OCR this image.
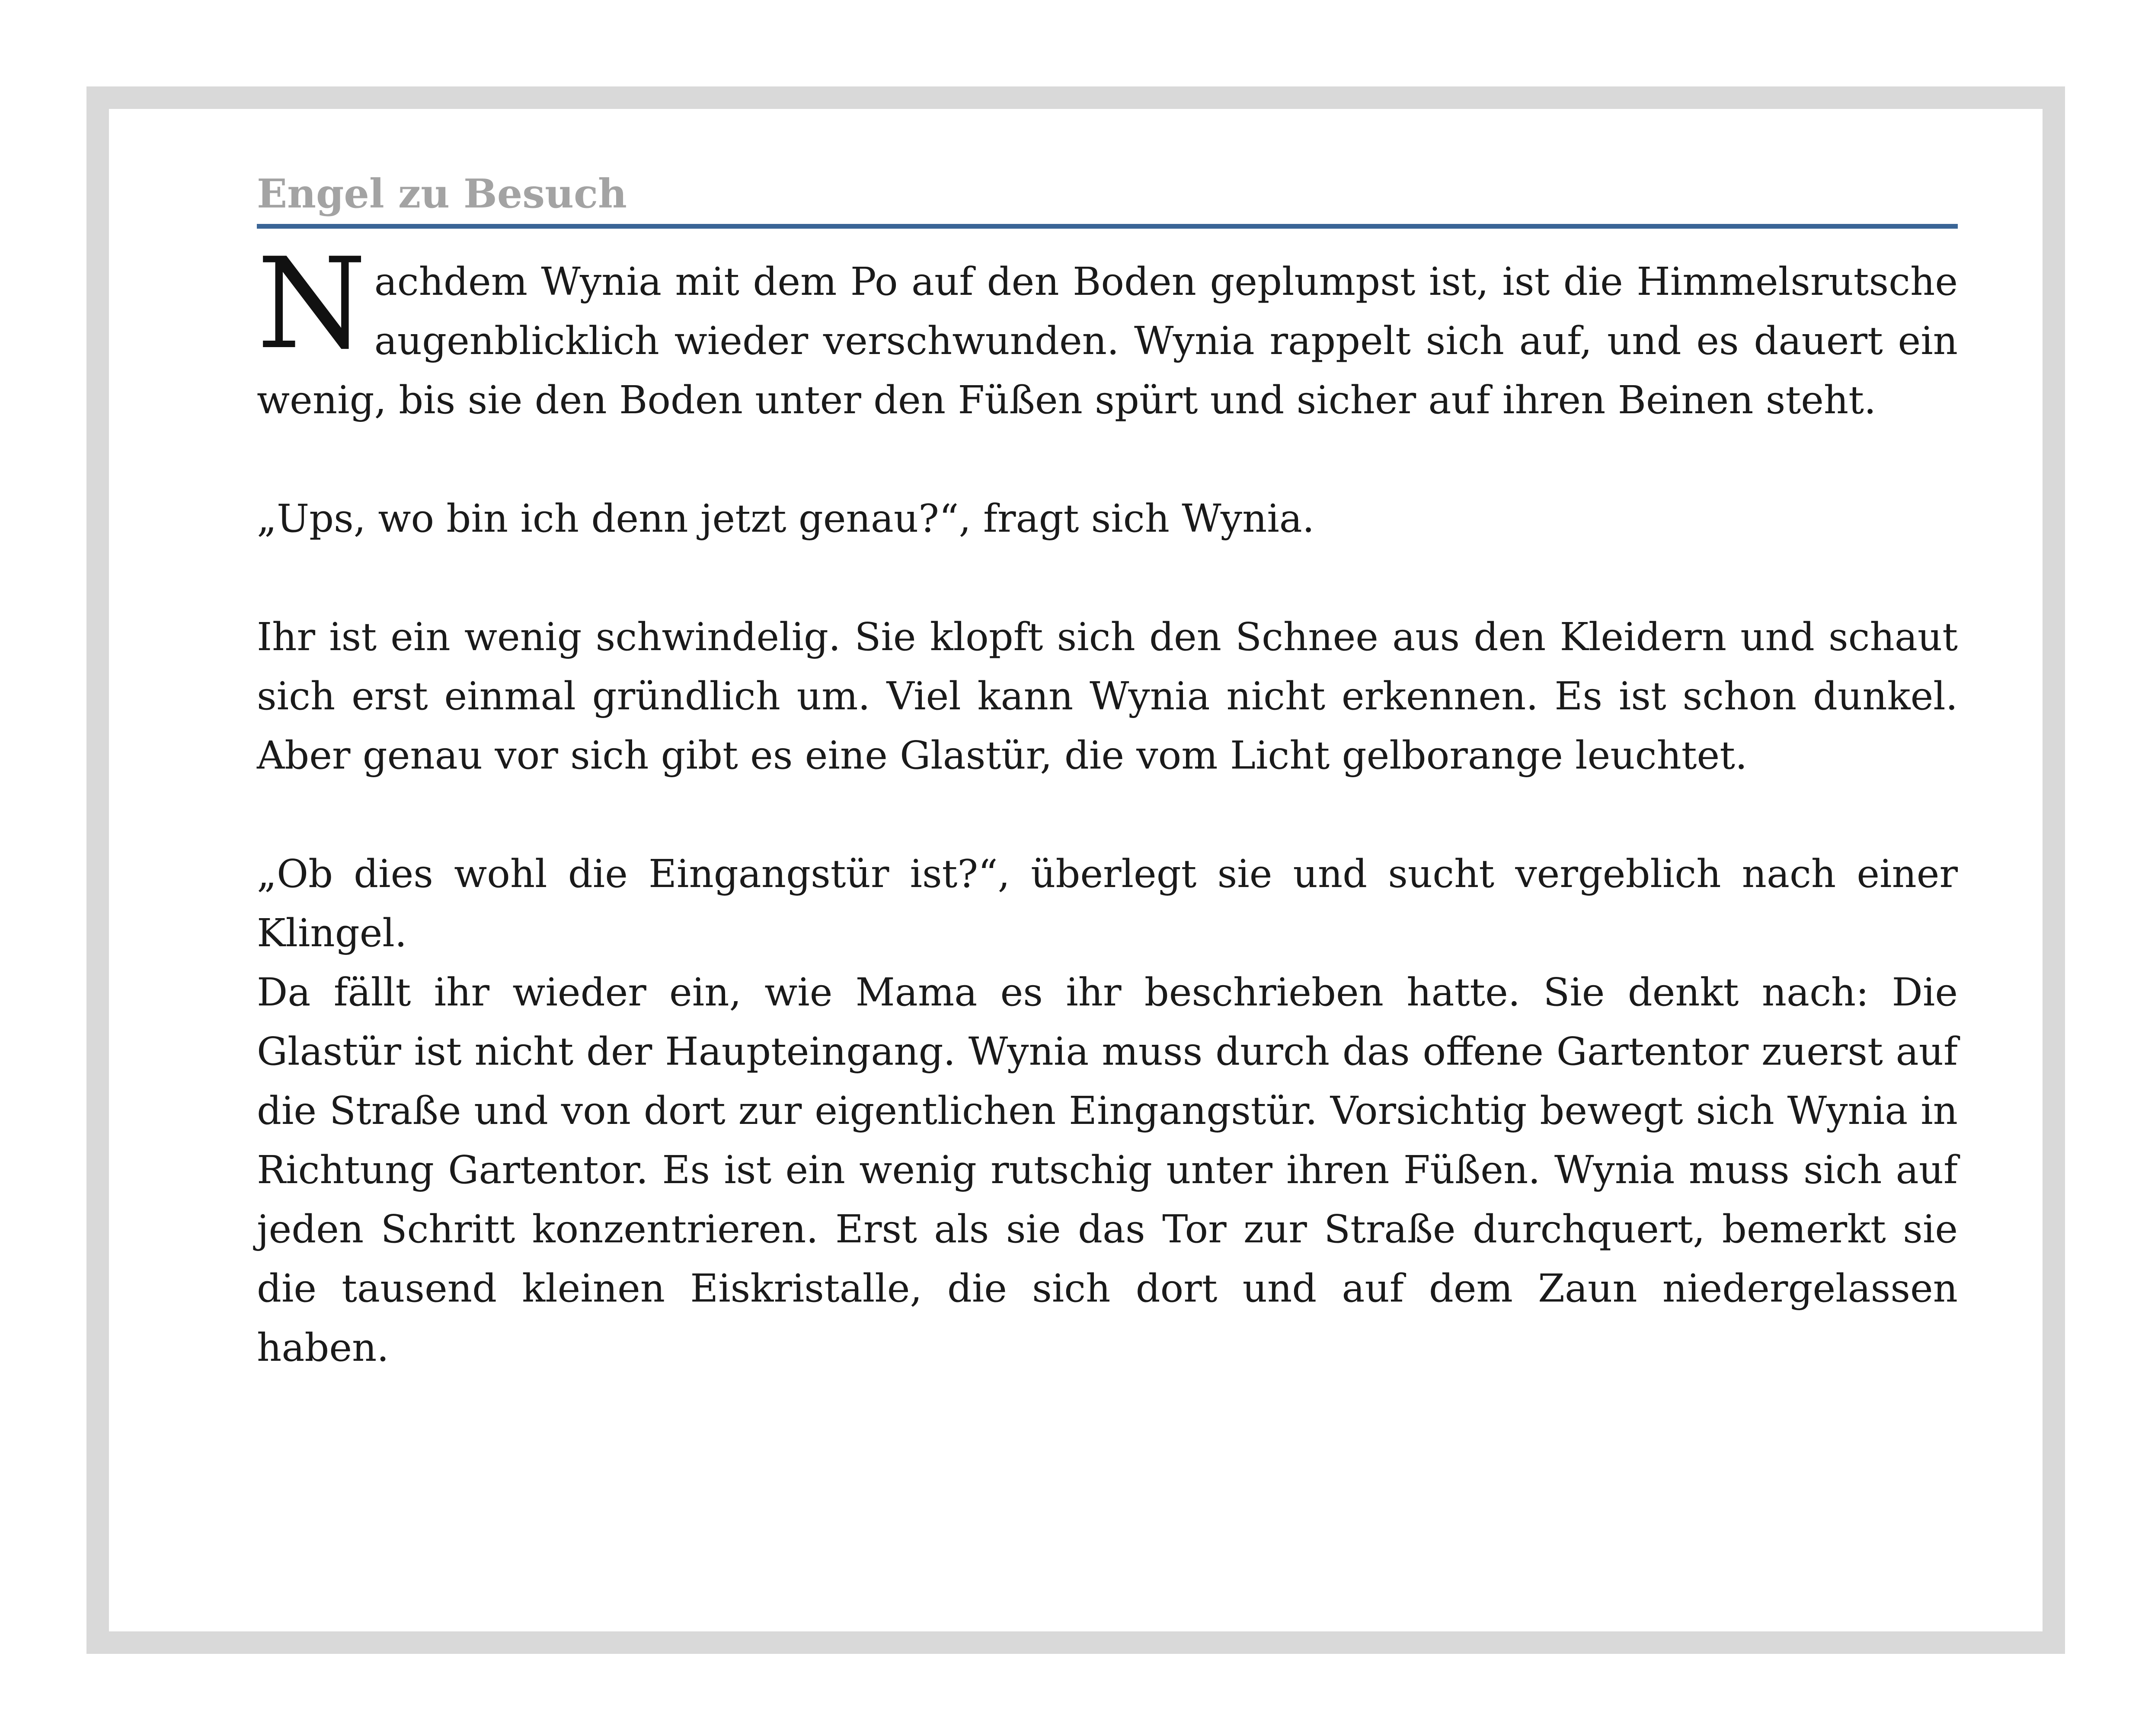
Engel zu Besuch

Nachdem Wynia mit dem Po auf den Boden geplumpst ist, ist die Himmelsrutsche augenblicklich wieder verschwunden. Wynia rappelt sich auf, und es dauert ein wenig, bis sie den Boden unter den Füßen spürt und sicher auf ihren Beinen steht.

„Ups, wo bin ich denn jetzt genau?“, fragt sich Wynia.

Ihr ist ein wenig schwindelig. Sie klopft sich den Schnee aus den Kleidern und schaut sich erst einmal gründlich um. Viel kann Wynia nicht erkennen. Es ist schon dunkel. Aber genau vor sich gibt es eine Glastür, die vom Licht gelborange leuchtet.

„Ob dies wohl die Eingangstür ist?“, überlegt sie und sucht vergeblich nach einer Klingel.

Da fällt ihr wieder ein, wie Mama es ihr beschrieben hatte. Sie denkt nach: Die Glastür ist nicht der Haupteingang. Wynia muss durch das offene Gartentor zuerst auf die Straße und von dort zur eigentlichen Eingangstür. Vorsichtig bewegt sich Wynia in Richtung Gartentor. Es ist ein wenig rutschig unter ihren Füßen. Wynia muss sich auf jeden Schritt konzentrieren. Erst als sie das Tor zur Straße durchquert, bemerkt sie die tausend kleinen Eiskristalle, die sich dort und auf dem Zaun niedergelassen haben.
